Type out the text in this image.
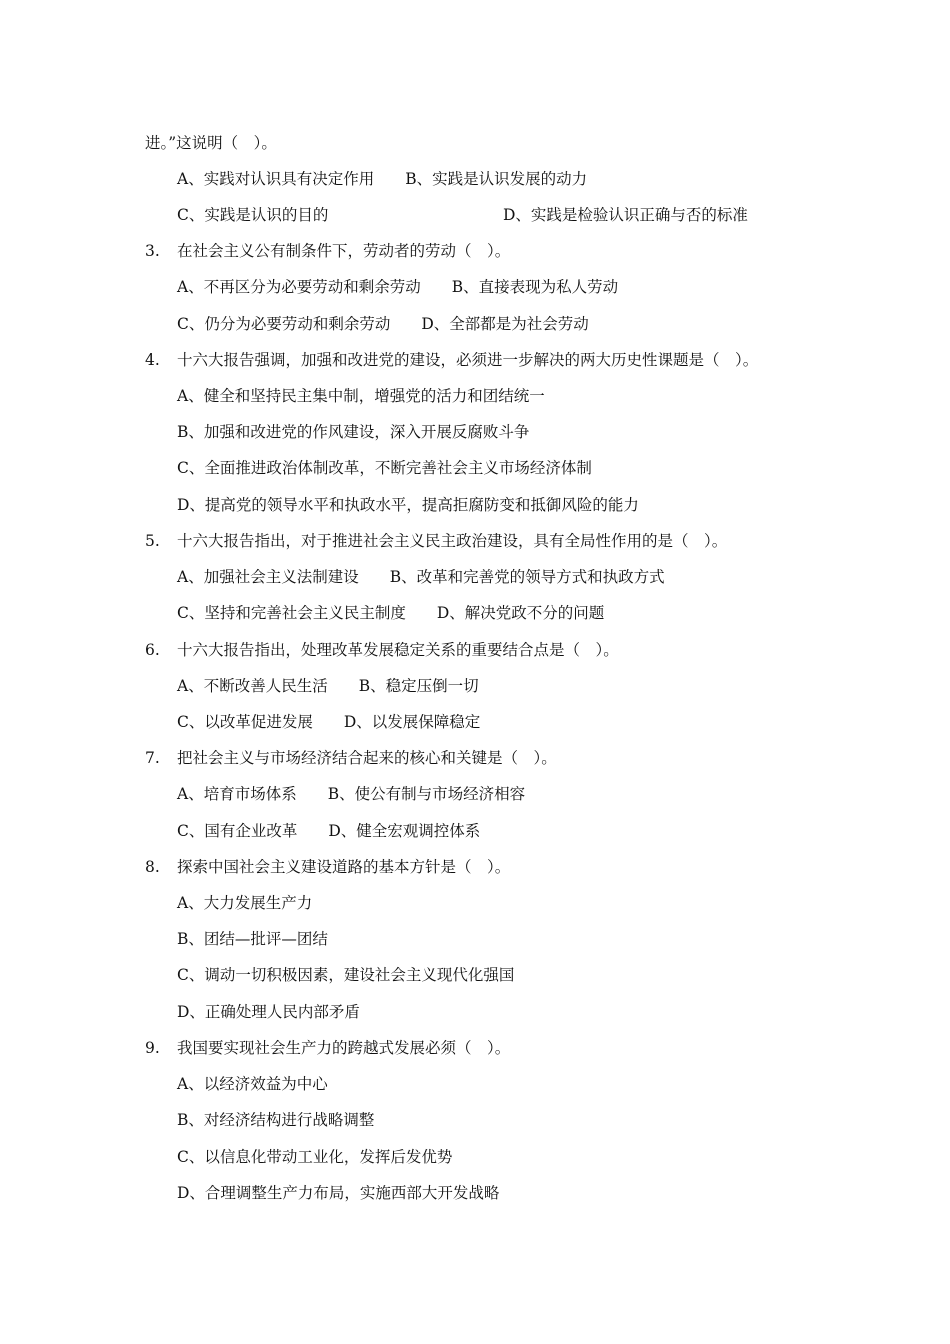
进。”这说明（　）。
A、实践对认识具有决定作用　　B、实践是认识发展的动力
C、实践是认识的目的	D、实践是检验认识正确与否的标准
3. 在社会主义公有制条件下，劳动者的劳动（　）。
A、不再区分为必要劳动和剩余劳动　　B、直接表现为私人劳动
C、仍分为必要劳动和剩余劳动　　D、全部都是为社会劳动
4. 十六大报告强调，加强和改进党的建设，必须进一步解决的两大历史性课题是（　）。
A、健全和坚持民主集中制，增强党的活力和团结统一
B、加强和改进党的作风建设，深入开展反腐败斗争
C、全面推进政治体制改革，不断完善社会主义市场经济体制
D、提高党的领导水平和执政水平，提高拒腐防变和抵御风险的能力
5. 十六大报告指出，对于推进社会主义民主政治建设，具有全局性作用的是（　）。
A、加强社会主义法制建设　　B、改革和完善党的领导方式和执政方式
C、坚持和完善社会主义民主制度　　D、解决党政不分的问题
6. 十六大报告指出，处理改革发展稳定关系的重要结合点是（　）。
A、不断改善人民生活　　B、稳定压倒一切
C、以改革促进发展　　D、以发展保障稳定
7. 把社会主义与市场经济结合起来的核心和关键是（　）。
A、培育市场体系　　B、使公有制与市场经济相容
C、国有企业改革　　D、健全宏观调控体系
8. 探索中国社会主义建设道路的基本方针是（　）。
A、大力发展生产力
B、团结—批评—团结
C、调动一切积极因素，建设社会主义现代化强国
D、正确处理人民内部矛盾
9. 我国要实现社会生产力的跨越式发展必须（　）。
A、以经济效益为中心
B、对经济结构进行战略调整
C、以信息化带动工业化，发挥后发优势
D、合理调整生产力布局，实施西部大开发战略
